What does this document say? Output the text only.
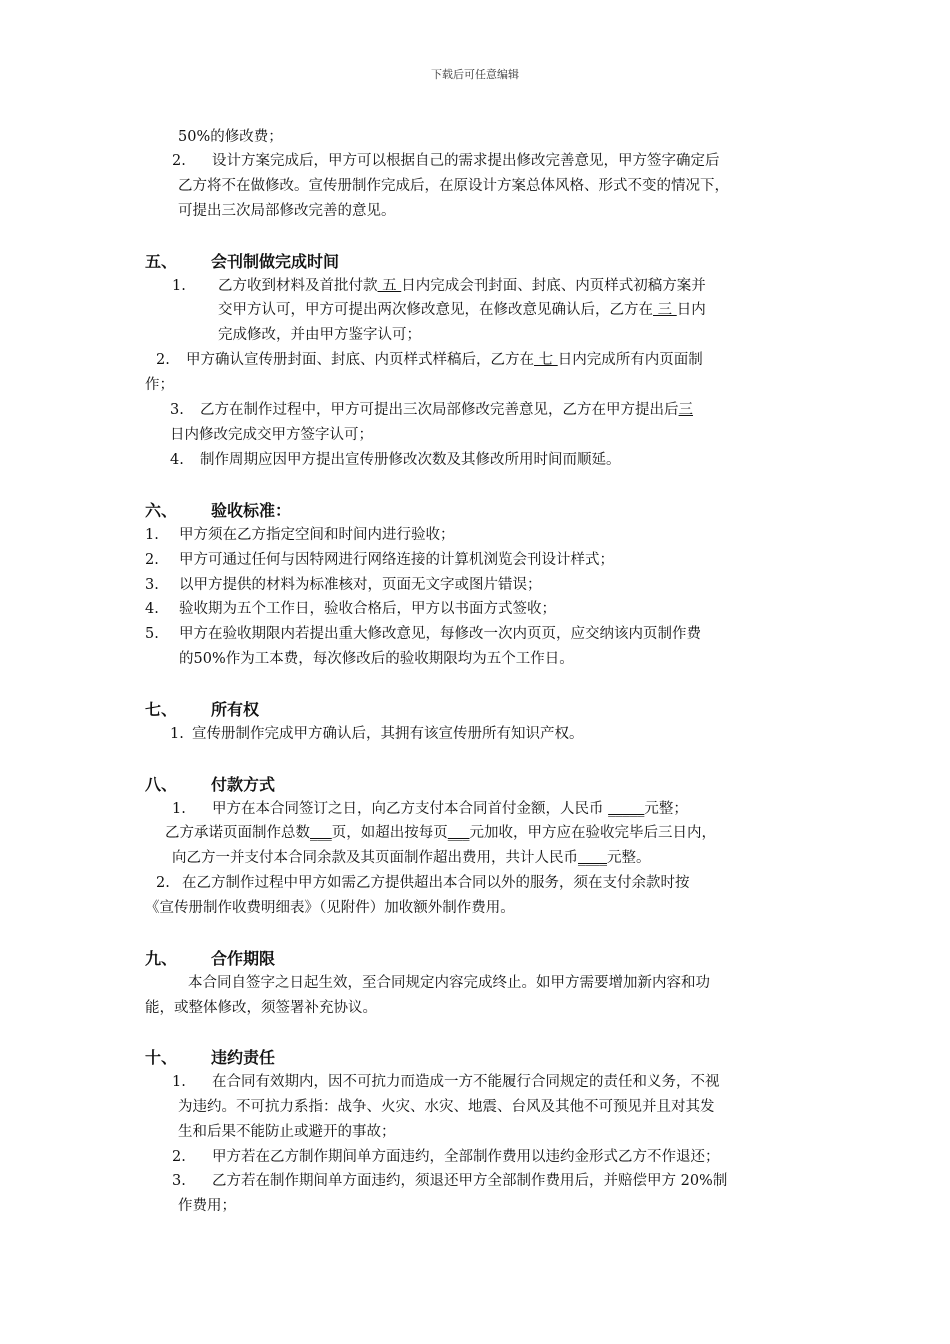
下载后可任意编辑
50%的修改费；
2. 设计方案完成后，甲方可以根据自己的需求提出修改完善意见，甲方签字确定后
乙方将不在做修改。宣传册制作完成后，在原设计方案总体风格、形式不变的情况下，
可提出三次局部修改完善的意见。
五、 会刊制做完成时间
1. 乙方收到材料及首批付款 五 日内完成会刊封面、封底、内页样式初稿方案并
交甲方认可，甲方可提出两次修改意见，在修改意见确认后，乙方在 三 日内
完成修改，并由甲方鉴字认可；
2. 甲方确认宣传册封面、封底、内页样式样稿后，乙方在 七 日内完成所有内页面制
作；
3. 乙方在制作过程中，甲方可提出三次局部修改完善意见，乙方在甲方提出后三
日内修改完成交甲方签字认可；
4. 制作周期应因甲方提出宣传册修改次数及其修改所用时间而顺延。
六、 验收标准：
1. 甲方须在乙方指定空间和时间内进行验收；
2. 甲方可通过任何与因特网进行网络连接的计算机浏览会刊设计样式；
3. 以甲方提供的材料为标准核对，页面无文字或图片错误；
4. 验收期为五个工作日，验收合格后，甲方以书面方式签收；
5. 甲方在验收期限内若提出重大修改意见，每修改一次内页页，应交纳该内页制作费
的50%作为工本费，每次修改后的验收期限均为五个工作日。
七、 所有权
1. 宣传册制作完成甲方确认后，其拥有该宣传册所有知识产权。
八、 付款方式
1. 甲方在本合同签订之日，向乙方支付本合同首付金额，人民币 _____元整；
乙方承诺页面制作总数___页，如超出按每页___元加收，甲方应在验收完毕后三日内，
向乙方一并支付本合同余款及其页面制作超出费用，共计人民币____元整。
2. 在乙方制作过程中甲方如需乙方提供超出本合同以外的服务，须在支付余款时按
《宣传册制作收费明细表》（见附件）加收额外制作费用。
九、 合作期限
本合同自签字之日起生效，至合同规定内容完成终止。如甲方需要增加新内容和功
能，或整体修改，须签署补充协议。
十、 违约责任
1. 在合同有效期内，因不可抗力而造成一方不能履行合同规定的责任和义务，不视
为违约。不可抗力系指：战争、火灾、水灾、地震、台风及其他不可预见并且对其发
生和后果不能防止或避开的事故；
2. 甲方若在乙方制作期间单方面违约，全部制作费用以违约金形式乙方不作退还；
3. 乙方若在制作期间单方面违约，须退还甲方全部制作费用后，并赔偿甲方 20%制
作费用；
